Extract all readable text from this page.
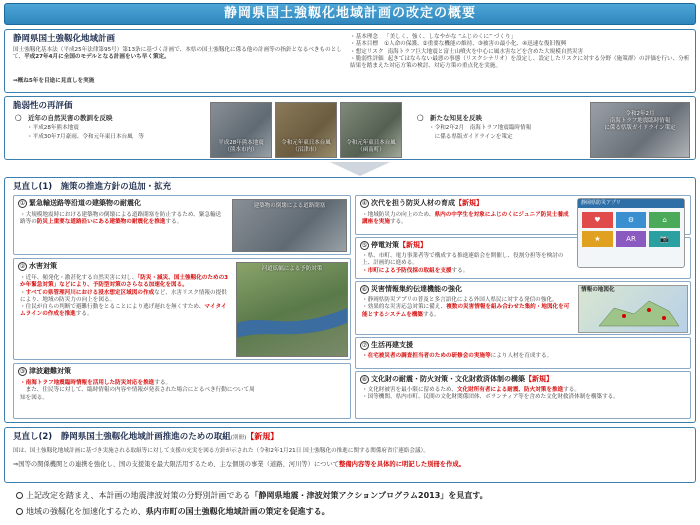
静岡県国土強靱化地域計画の改定の概要
静岡県国土強靱化地域計画
国土強靱化基本法（平成25年法律第95号）第13条に基づく計画で、本県の国土強靱化に係る他の計画等の指針となるべきものとして、平成27年4月に全国のモデルとなる計画をいち早く策定。
⇒概ね5年を目途に見直しを実施
・基本理念 「美しく、強く、しなやかな “ふじのくに” づくり」
・基本目標 ①人命の保護、②重要な機能の維持、③被害の最小化、④迅速な復旧復興
・想定リスク 南海トラフ巨大地震と富士山噴火を中心に風水害などを含めた大規模自然災害
・脆弱性評価 起きてはならない最悪の事態（リスクシナリオ）を設定し、設定したリスクに対する分野（施策群）の評価を行い、分析結果を踏まえた対応方策の検討、対応方策の重点化を実施。
脆弱性の再評価
〇　近年の自然災害の教訓を反映
・平成28年熊本地震
・平成30年7月豪雨、令和元年東日本台風　等
平成28年熊本地震
（熊本市内）
令和元年東日本台風
（沼津市）
令和元年東日本台風
（函南町）
〇　新たな知見を反映
・令和2年2月　南海トラフ地震臨時情報
　に係る県版ガイドラインを策定
令和2年2月
南海トラフ地震臨時情報
に係る県版ガイドライン策定
見直し(1)　施策の推進方針の追加・拡充
① 緊急輸送路等沿道の建築物の耐震化
・大規模地震時における建築物の倒壊による道路閉塞を防止するため、緊急輸送路等の防災上重要な道路沿いにある建築物の耐震化を推進する。
建築物の倒壊による道路閉塞
② 水害対策
・近年、頻発化・激甚化する自然災害に対し、「防災・減災、国土強靱化のための3か年緊急対策」などにより、予防型対策のさらなる加速化を図る。
・すべての県管理河川における浸水想定区域図の作成など、水害リスク情報の提供により、地域の防災力の向上を図る。
・住民が自らの判断で避難行動をとることにより逃げ遅れを無くすため、マイタイムラインの作成を推進する。
河道拡幅による予防対策
③ 津波避難対策
・南海トラフ地震臨時情報を活用した防災対応を推進する。
　また、住民等に対して、臨時情報の内容や情報が発表された場合にとるべき行動について周知を図る。
④ 次代を担う防災人材の育成【新規】
・地域防災力の向上のため、県内の中学生を対象にふじのくにジュニア防災士養成講座を実施する。
⑤ 停電対策【新規】
・県、市町、電力事業者等で構成する推進連絡会を開催し、役割分担等を検討の上、計画的に進める。
・市町による予防伐採の取組を支援する。
静岡県防災アプリ
♥	⚙	⌂
★	AR	📷
⑥ 災害情報集約伝達機能の強化
・静岡県防災アプリの普及と多言語化による外国人県民に対する発信の強化。
・効果的な災害応急対策に備え、複数の災害情報を組み合わせた集約・地図化を可能とするシステムを構築する。
情報の地図化
⑦ 生活再建支援
・在宅被災者の調査担当者のための研修会の実施等により人材を育成する。
⑧ 文化財の耐震・防火対策・文化財救済体制の構築【新規】
・文化財被害を最小限に留めるため、文化財所有者による耐震、防火対策を推進する。
・国等機関、県内市町、民間の文化財関係団体、ボランティア等を含めた文化財救済体制を構築する。
見直し(2)　静岡県国土強靱化地域計画推進のための取組(別冊)【新規】
国は、国土強靱化地域計画に基づき実施される取組等に対して支援の充実を図る方針が示された（令和2年1月21日 国土強靱化の推進に関する関係府省庁連絡会議）。
⇒国等の関係機関との連携を強化し、国の支援策を最大限活用するため、主な個別の事業（道路、河川等）について整備内容等を具体的に明記した別冊を作成。
上記改定を踏まえ、本計画の地震津波対策の分野別計画である「静岡県地震・津波対策アクションプログラム2013」を見直す。
地域の強靱化を加速化するため、県内市町の国土強靱化地域計画の策定を促進する。
